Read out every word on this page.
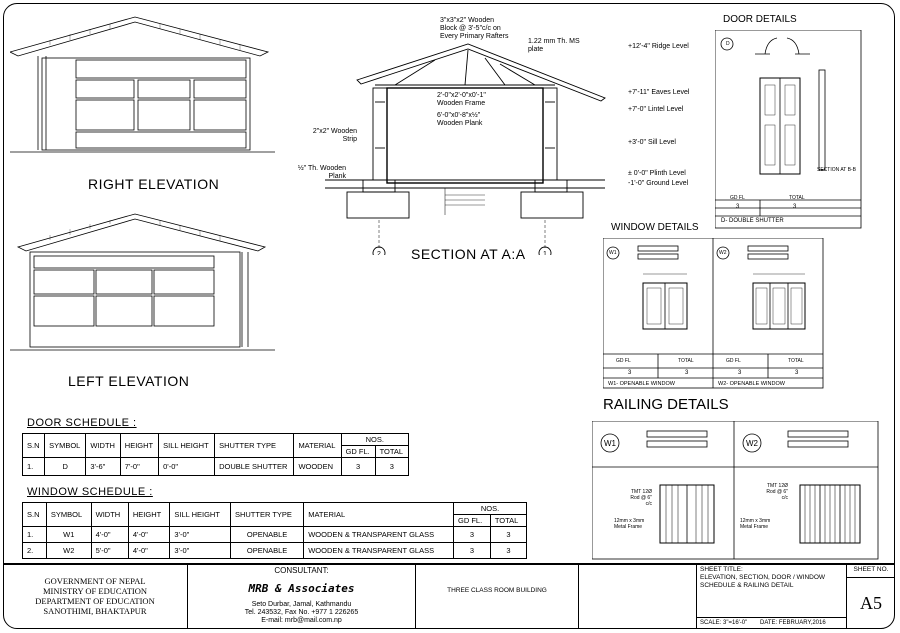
RIGHT ELEVATION
LEFT ELEVATION
2	1
3"x3"x2" Wooden
Block @ 3'-5"c/c on
Every Primary Rafters
1.22 mm Th. MS
plate
2'-0"x2'-0"x0'-1"
Wooden Frame
6'-0"x0'-8"x½"
Wooden Plank
2"x2" Wooden
Strip
½" Th. Wooden
Plank
SECTION AT A:A
+12'-4" Ridge Level
+7'-11" Eaves Level
+7'-0" Lintel Level
+3'-0" Sill Level
± 0'-0" Plinth Level
-1'-0" Ground Level
DOOR DETAILS
SECTION AT B-B
D
GD FL	TOTAL
3	3
D- DOUBLE SHUTTER
WINDOW DETAILS
W1	W2
GD FL	TOTAL	GD FL	TOTAL
3	3	3	3
W1- OPENABLE WINDOW	W2- OPENABLE WINDOW
RAILING DETAILS
W1	W2
TMT 12Ø
Rod @ 6"
c/c
12mm x 3mm
Metal Frame
TMT 12Ø
Rod @ 6"
c/c
12mm x 3mm
Metal Frame
DOOR SCHEDULE :
S.N	SYMBOL	WIDTH	HEIGHT	SILL HEIGHT	SHUTTER TYPE	MATERIAL	NOS.	
							GD FL.	TOTAL
1.	D	3'-6"	7'-0"	0'-0"	DOUBLE SHUTTER	WOODEN	3	3
WINDOW SCHEDULE :
S.N	SYMBOL	WIDTH	HEIGHT	SILL HEIGHT	SHUTTER TYPE	MATERIAL	NOS.	
							GD FL.	TOTAL
1.	W1	4'-0"	4'-0"	3'-0"	OPENABLE	WOODEN & TRANSPARENT GLASS	3	3
2.	W2	5'-0"	4'-0"	3'-0"	OPENABLE	WOODEN & TRANSPARENT GLASS	3	3
GOVERNMENT OF NEPAL
MINISTRY OF EDUCATION
DEPARTMENT OF EDUCATION
SANOTHIMI, BHAKTAPUR
CONSULTANT:
MRB & Associates
Seto Durbar, Jamal, Kathmandu
Tel. 243532, Fax No. +977 1 226265
E-mail: mrb@mail.com.np
THREE CLASS ROOM BUILDING
SHEET TITLE:
ELEVATION, SECTION, DOOR / WINDOW
SCHEDULE & RAILING DETAIL
SCALE: 3"=16'-0" DATE: FEBRUARY,2016
SHEET NO.
A5
